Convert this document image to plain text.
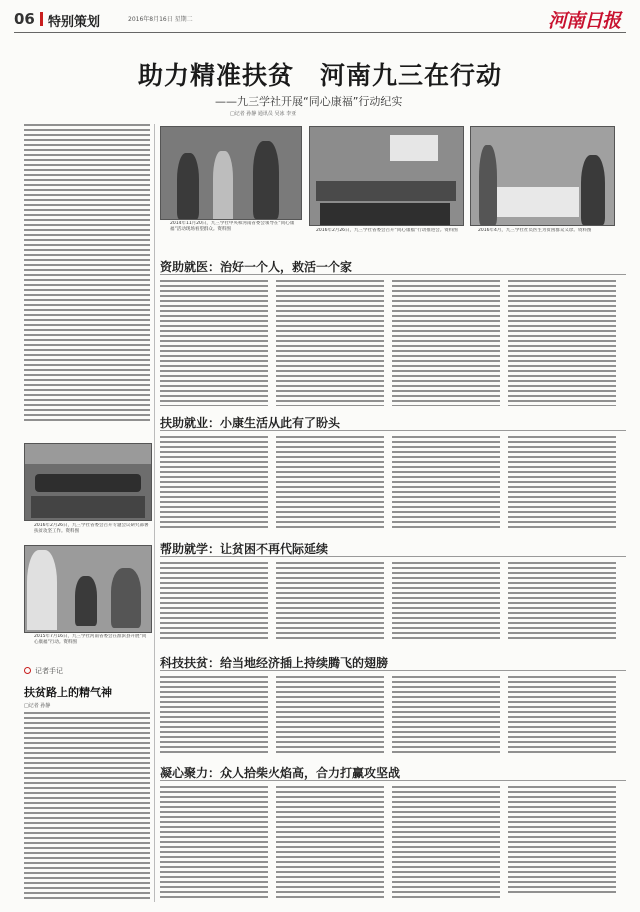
06 特别策划	2016年8月16日 星期二	河南日报
助力精准扶贫　河南九三在行动
——九三学社开展“同心康福”行动纪实
□记者 孙静 通讯员 吴冰 李亚
2014年11月20日，九三学社中央和河南省委会领导在“同心康福”活动现场看望群众。资料图	2016年2月26日，九三学社省委会召开“同心康福”行动推进会。资料图	2016年4月，九三学社社员医生为贫困群众义诊。资料图
资助就医：治好一个人，救活一个家
扶助就业：小康生活从此有了盼头
2016年2月26日，九三学社省委会召开专题会议研究部署扶贫攻坚工作。资料图
2015年7月16日，九三学社河南省委会在淮滨县开展“同心康福”行动。资料图
帮助就学：让贫困不再代际延续
记者手记
扶贫路上的精气神
□记者 孙静
科技扶贫：给当地经济插上持续腾飞的翅膀
凝心聚力：众人拾柴火焰高，合力打赢攻坚战
